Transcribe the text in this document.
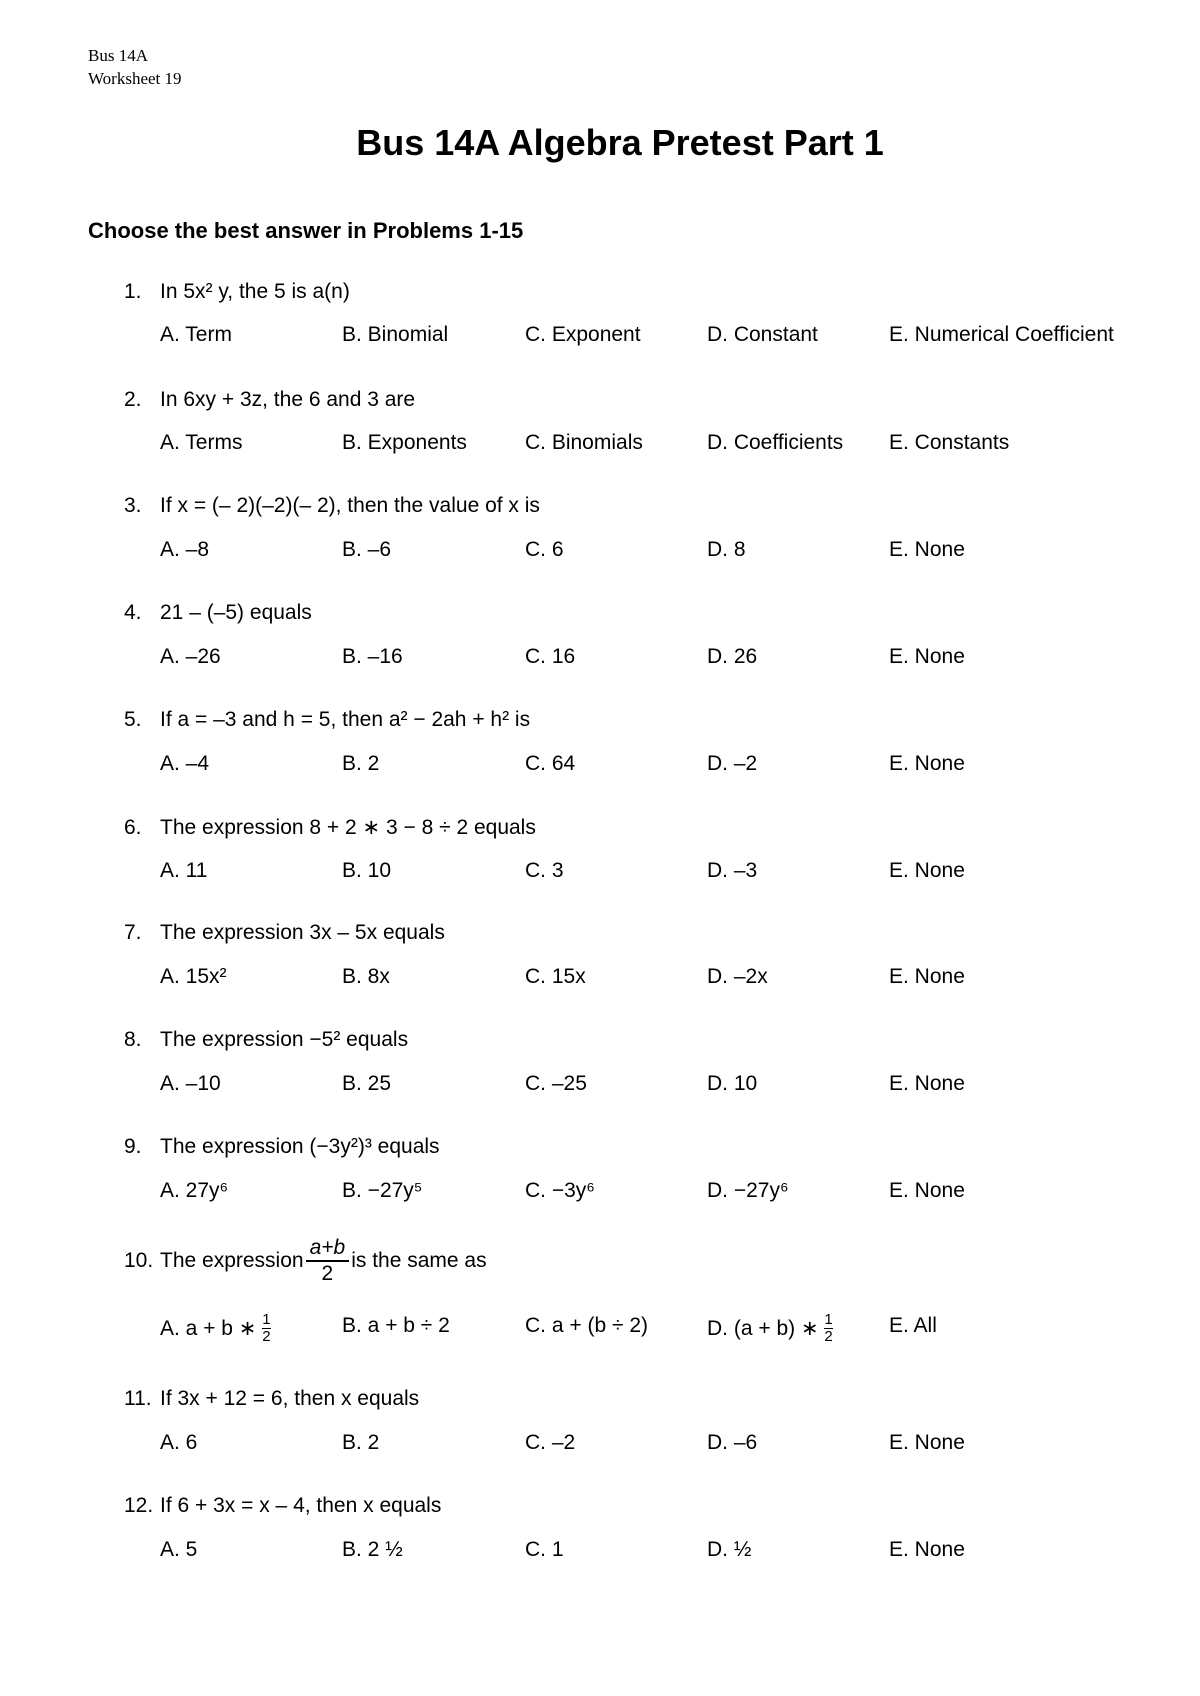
Bus 14A
Worksheet 19
Bus 14A Algebra Pretest Part 1
Choose the best answer in Problems 1-15
1. In 5x² y, the 5 is a(n)
A. Term	B. Binomial	C. Exponent	D. Constant	E. Numerical Coefficient
2. In 6xy + 3z, the 6 and 3 are
A. Terms	B. Exponents	C. Binomials	D. Coefficients E. Constants
3. If x = (– 2)(–2)(– 2), then the value of x is
A. –8	B. –6	C. 6	D. 8	E. None
4. 21 – (–5) equals
A. –26	B. –16	C. 16	D. 26	E. None
5. If a = –3 and h = 5, then a² − 2ah + h² is
A. –4	B. 2	C. 64	D. –2	E. None
6. The expression 8 + 2 ∗ 3 − 8 ÷ 2 equals
A. 11	B. 10	C. 3	D. –3	E. None
7. The expression 3x – 5x equals
A. 15x²	B. 8x	C. 15x	D. –2x	E. None
8. The expression −5² equals
A. –10	B. 25	C. –25	D. 10	E. None
9. The expression (−3y²)³ equals
A. 27y⁶	B. −27y⁵	C. −3y⁶	D. −27y⁶	E. None
10. The expression $\frac{a+b}{2}$ is the same as
A. a + b ∗ $\frac{1}{2}$	B. a + b ÷ 2	C. a + (b ÷ 2)	D. (a + b) ∗ $\frac{1}{2}$	E. All
11. If 3x + 12 = 6, then x equals
A. 6	B. 2	C. –2	D. –6	E. None
12. If 6 + 3x = x – 4, then x equals
A. 5	B. 2 ½	C. 1	D. ½	E. None
